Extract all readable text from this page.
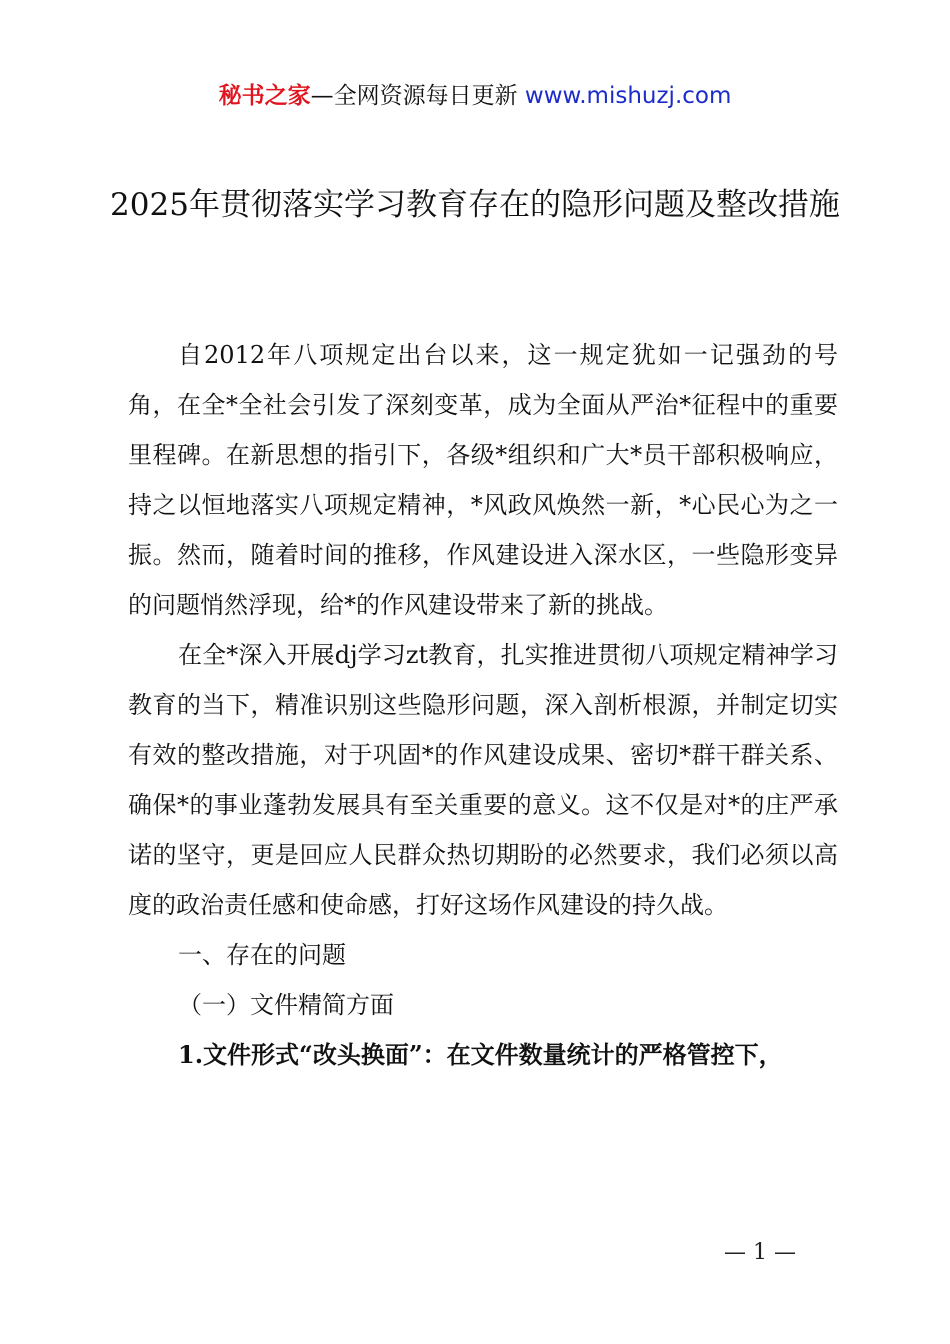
秘书之家—全网资源每日更新 www.mishuzj.com
2025年贯彻落实学习教育存在的隐形问题及整改措施

自2012年八项规定出台以来，这一规定犹如一记强劲的号角，在全*全社会引发了深刻变革，成为全面从严治*征程中的重要里程碑。在新思想的指引下，各级*组织和广大*员干部积极响应，持之以恒地落实八项规定精神，*风政风焕然一新，*心民心为之一振。然而，随着时间的推移，作风建设进入深水区，一些隐形变异的问题悄然浮现，给*的作风建设带来了新的挑战。

在全*深入开展dj学习zt教育，扎实推进贯彻八项规定精神学习教育的当下，精准识别这些隐形问题，深入剖析根源，并制定切实有效的整改措施，对于巩固*的作风建设成果、密切*群干群关系、确保*的事业蓬勃发展具有至关重要的意义。这不仅是对*的庄严承诺的坚守，更是回应人民群众热切期盼的必然要求，我们必须以高度的政治责任感和使命感，打好这场作风建设的持久战。

一、存在的问题

（一）文件精简方面

1.文件形式“改头换面”：在文件数量统计的严格管控下，

— 1 —
